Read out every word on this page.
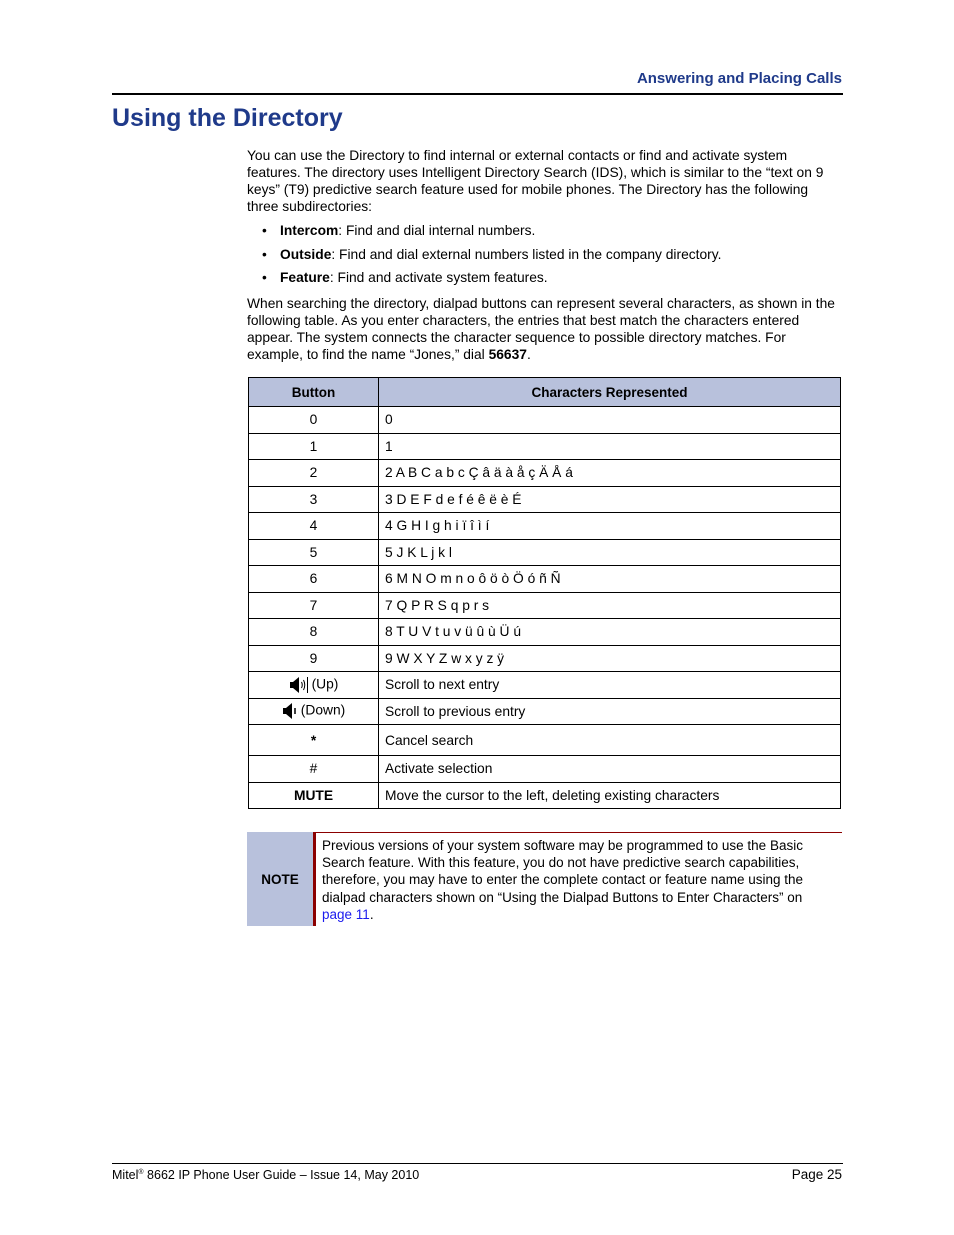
Answering and Placing Calls
Using the Directory

You can use the Directory to find internal or external contacts or find and activate system features. The directory uses Intelligent Directory Search (IDS), which is similar to the “text on 9 keys” (T9) predictive search feature used for mobile phones. The Directory has the following three subdirectories:

• Intercom: Find and dial internal numbers.
• Outside: Find and dial external numbers listed in the company directory.
• Feature: Find and activate system features.

When searching the directory, dialpad buttons can represent several characters, as shown in the following table. As you enter characters, the entries that best match the characters entered appear. The system connects the character sequence to possible directory matches. For example, to find the name “Jones,” dial 56637.

Button	Characters Represented
0	0
1	1
2	2 A B C a b c Ç â ä à å ç Ä Å á
3	3 D E F d e f é ê ë è É
4	4 G H I g h i ï î ì í
5	5 J K L j k l
6	6 M N O m n o ô ö ò Ö ó ñ Ñ
7	7 Q P R S q p r s
8	8 T U V t u v ü û ù Ü ú
9	9 W X Y Z w x y z ÿ
(Up)	Scroll to next entry
(Down)	Scroll to previous entry
*	Cancel search
#	Activate selection
MUTE	Move the cursor to the left, deleting existing characters
NOTE
Previous versions of your system software may be programmed to use the Basic Search feature. With this feature, you do not have predictive search capabilities, therefore, you may have to enter the complete contact or feature name using the dialpad characters shown on “Using the Dialpad Buttons to Enter Characters” on page 11.
Mitel® 8662 IP Phone User Guide – Issue 14, May 2010	Page 25
